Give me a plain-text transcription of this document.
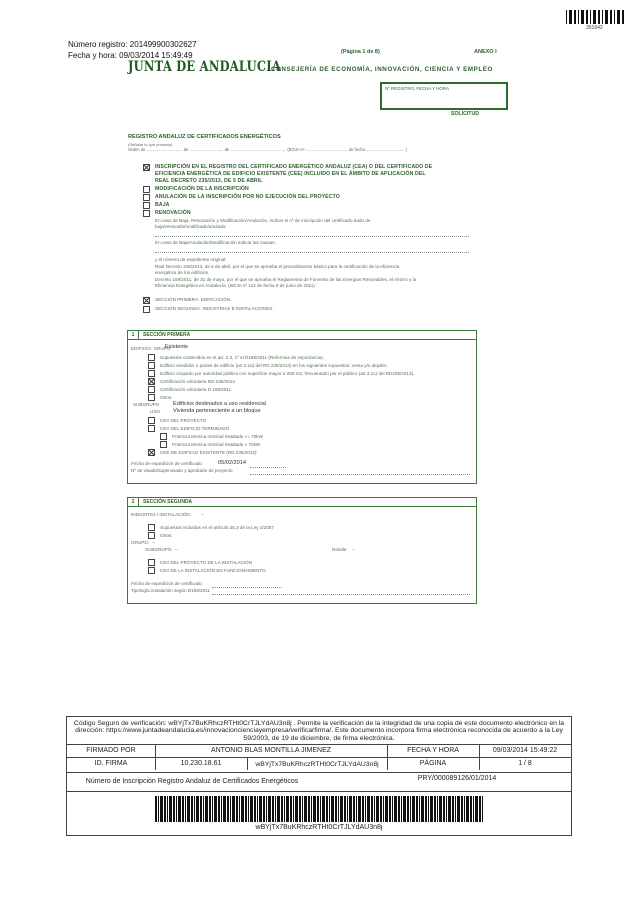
351642
Número registro: 201499900302627
Fecha y hora: 09/03/2014 15:49:49
JUNTA DE ANDALUCIA
(Página 1 de 8)	ANEXO I
CONSEJERÍA DE ECONOMÍA, INNOVACIÓN, CIENCIA Y EMPLEO
Nº REGISTRO, FECHA Y HORA
SOLICITUD
REGISTRO ANDALUZ DE CERTIFICADOS ENERGÉTICOS
(Señalar lo que proceda)
Orden de ............................... de ............................. de ................................................ (BOJA nº .................................... de fecha ................................. )
INSCRIPCIÓN EN EL REGISTRO DEL CERTIFICADO ENERGÉTICO ANDALUZ (CEA) O DEL CERTIFICADO DE
EFICIENCIA ENERGÉTICA DE EDIFICIO EXISTENTE (CEE) INCLUIDO EN EL ÁMBITO DE APLICACIÓN DEL
REAL DECRETO 235/2013, DE 5 DE ABRIL
MODIFICACIÓN DE LA INSCRIPCIÓN
ANULACIÓN DE LA INSCRIPCIÓN POR NO EJECUCIÓN DEL PROYECTO
BAJA
RENOVACIÓN
En caso de Baja, Renovación y Modificación/Anulación, indicar el nº de inscripción del certificado dado de
baja/renovado/modificado/anulado:
En caso de Baja/Anulación/Modificación indicar las causas:
y el número de expediente original:
Real Decreto 235/2013, de 5 de abril, por el que se aprueba el procedimiento básico para la certificación de la eficiencia
energética de los edificios.
Decreto 169/2011, de 31 de mayo, por el que se aprueba el Reglamento de Fomento de las Energías Renovables, el Ahorro y la
Eficiencia Energética en Andalucía. (BOJA nº 112 de fecha 9 de junio de 2011)
SECCIÓN PRIMERA. EDIFICACIÓN.
SECCIÓN SEGUNDA. INDUSTRIAS E INSTALACIONES.
1	SECCIÓN PRIMERA
EDIFICIO. GRUPO:
Existente
Supuestos contenidos en el art. 2.3, 1º el D169/2011 (Reformas de importancia).
Edificio vendidos o partes de edificio (art 2.1a) del RD 235/2013) en los siguientes supuestos: venta y/o alquiler.
Edificio ocupado por autoridad pública con superficie mayor a 250 m2, frecuentado por el público (art 2.1c) del RD235/2013).
Certificación voluntaria RD 235/2013
Certificación voluntaria D 169/2011
Otros:
SUBGRUPO Edificios destinados a uso residencial
USO Vivienda perteneciente a un bloque
CEA DEL PROYECTO
CEA DEL EDIFICIO TERMINADO
Potencia térmica nominal instalada <= 70kW
Potencia térmica nominal instalada > 70kW
CEE DE EDIFICIO EXISTENTE (RD 235/2013)
Fecha de expedición de certificado	05/02/2014
Nº de visado/supervisado y aprobado de proyecto
2	SECCIÓN SEGUNDA
INDUSTRIA / INSTALACIÓN: --
Supuestos incluidos en el artículo 25.3 de la Ley 2/2007
Otros:
GRUPO: --
SUBGRUPO: --	Detalle: --
CEA DEL PROYECTO DE LA INSTALACIÓN
CEA DE LA INSTALACIÓN EN FUNCIONAMIENTO
Fecha de expedición de certificado
Tipología instalación según D169/2011
Código Seguro de verificación: wBYjTx7BuKRhczRTHt0CrTJLYdAU3n8j . Permite la verificación de la integridad de una copia de este documento electrónico en la dirección: https://www.juntadeandalucia.es/innovacioncienciayempresa/verificarfirma/. Este documento incorpora firma electrónica reconocida de acuerdo a la Ley 59/2003, de 19 de diciembre, de firma electrónica.
FIRMADO POR	ANTONIO BLAS MONTILLA JIMENEZ	FECHA Y HORA	09/03/2014 15:49:22
ID. FIRMA	10.230.18.61	wBYjTx7BuKRhczRTHt0CrTJLYdAU3n8j	PÁGINA	1 / 8
Número de Inscripción Registro Andaluz de Certificados Energéticos	PRY/000089126/01/2014
wBYjTx7BuKRhczRTHt0CrTJLYdAU3n8j
